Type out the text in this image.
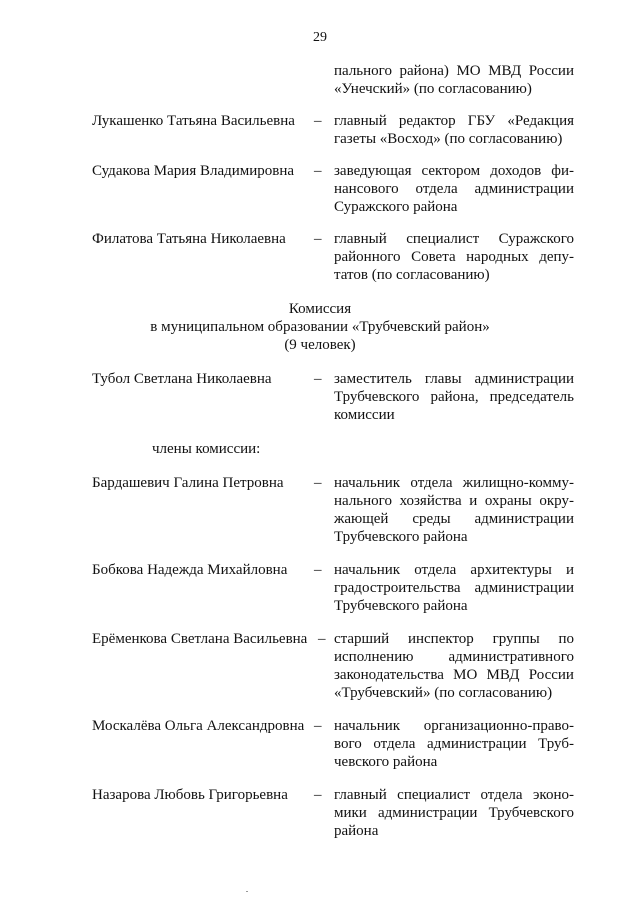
29
пального района) МО МВД России
«Унечский» (по согласованию)
Лукашенко Татьяна Васильевна – главный редактор ГБУ «Редакция
газеты «Восход» (по согласованию)
Судакова Мария Владимировна – заведующая сектором доходов фи-
нансового отдела администрации
Суражского района
Филатова Татьяна Николаевна – главный специалист Суражского
районного Совета народных депу-
татов (по согласованию)
Комиссия
в муниципальном образовании «Трубчевский район»
(9 человек)
Тубол Светлана Николаевна	– заместитель главы администрации
Трубчевского района, председатель
комиссии
члены комиссии:
Бардашевич Галина Петровна – начальник отдела жилищно-комму-
нального хозяйства и охраны окру-
жающей среды администрации
Трубчевского района
Бобкова Надежда Михайловна – начальник отдела архитектуры и
градостроительства администрации
Трубчевского района
Ерёменкова Светлана Васильевна – старший инспектор группы по
исполнению административного
законодательства МО МВД России
«Трубчевский» (по согласованию)
Москалёва Ольга Александровна – начальник организационно-право-
вого отдела администрации Труб-
чевского района
Назарова Любовь Григорьевна – главный специалист отдела эконо-
мики администрации Трубчевского
района
